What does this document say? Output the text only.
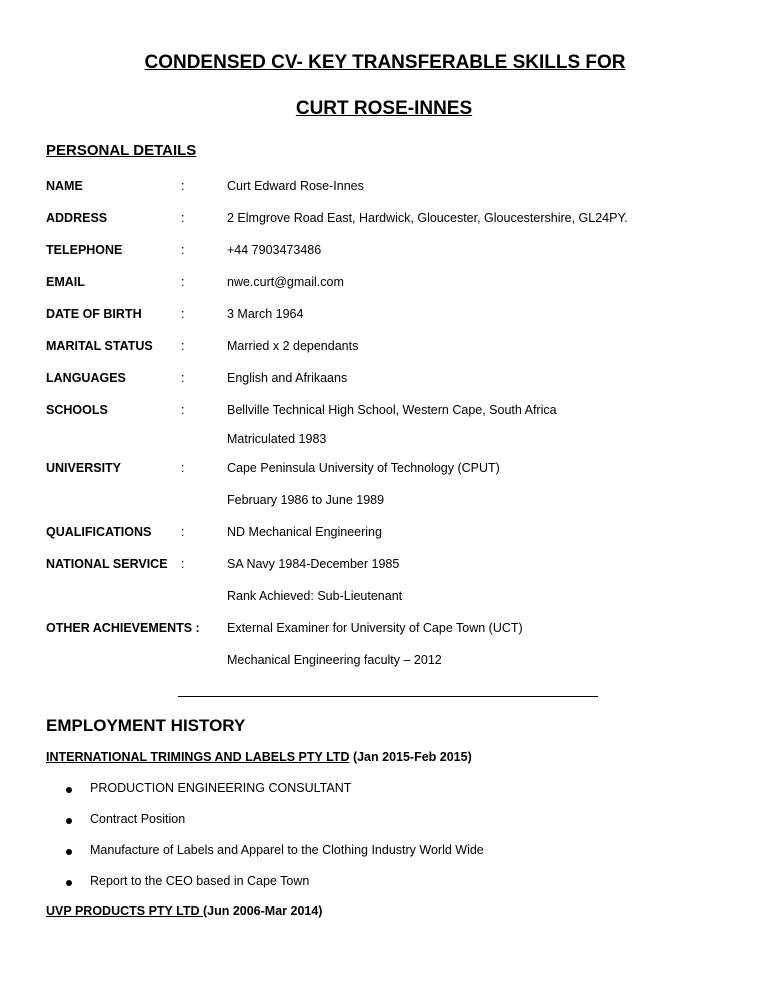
CONDENSED CV- KEY TRANSFERABLE SKILLS FOR
CURT ROSE-INNES
PERSONAL DETAILS
NAME	:	Curt Edward Rose-Innes
ADDRESS	:	2 Elmgrove Road East, Hardwick, Gloucester, Gloucestershire, GL24PY.
TELEPHONE	:	+44 7903473486
EMAIL	:	nwe.curt@gmail.com
DATE OF BIRTH	:	3 March 1964
MARITAL STATUS :	Married x 2 dependants
LANGUAGES	:	English and Afrikaans
SCHOOLS	:	Bellville Technical High School, Western Cape, South Africa
Matriculated 1983
UNIVERSITY	:	Cape Peninsula University of Technology (CPUT)
February 1986 to June 1989
QUALIFICATIONS :	ND Mechanical Engineering
NATIONAL SERVICE :	SA Navy 1984-December 1985
Rank Achieved: Sub-Lieutenant
OTHER ACHIEVEMENTS : External Examiner for University of Cape Town (UCT)
Mechanical Engineering faculty – 2012
EMPLOYMENT HISTORY
INTERNATIONAL TRIMINGS AND LABELS PTY LTD (Jan 2015-Feb 2015)
PRODUCTION ENGINEERING CONSULTANT
Contract Position
Manufacture of Labels and Apparel to the Clothing Industry World Wide
Report to the CEO based in Cape Town
UVP PRODUCTS PTY LTD (Jun 2006-Mar 2014)
